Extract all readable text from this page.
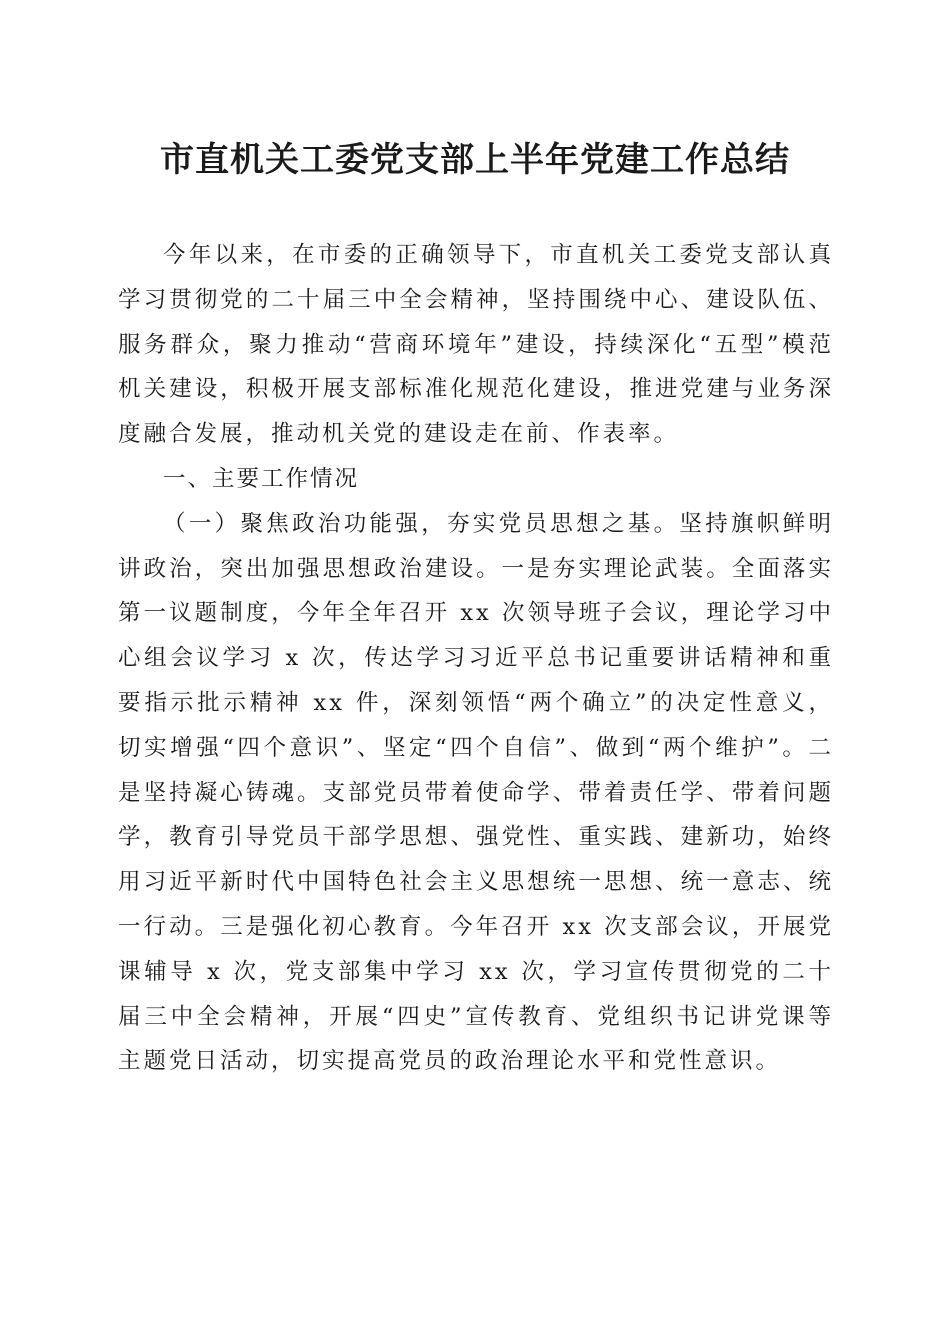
市直机关工委党支部上半年党建工作总结

今年以来，在市委的正确领导下，市直机关工委党支部认真学习贯彻党的二十届三中全会精神，坚持围绕中心、建设队伍、服务群众，聚力推动“营商环境年”建设，持续深化“五型”模范机关建设，积极开展支部标准化规范化建设，推进党建与业务深度融合发展，推动机关党的建设走在前、作表率。

一、主要工作情况

（一）聚焦政治功能强，夯实党员思想之基。坚持旗帜鲜明讲政治，突出加强思想政治建设。一是夯实理论武装。全面落实第一议题制度，今年全年召开 xx 次领导班子会议，理论学习中心组会议学习 x 次，传达学习习近平总书记重要讲话精神和重要指示批示精神 xx 件，深刻领悟“两个确立”的决定性意义，切实增强“四个意识”、坚定“四个自信”、做到“两个维护”。二是坚持凝心铸魂。支部党员带着使命学、带着责任学、带着问题学，教育引导党员干部学思想、强党性、重实践、建新功，始终用习近平新时代中国特色社会主义思想统一思想、统一意志、统一行动。三是强化初心教育。今年召开 xx 次支部会议，开展党课辅导 x 次，党支部集中学习 xx 次，学习宣传贯彻党的二十届三中全会精神，开展“四史”宣传教育、党组织书记讲党课等主题党日活动，切实提高党员的政治理论水平和党性意识。
